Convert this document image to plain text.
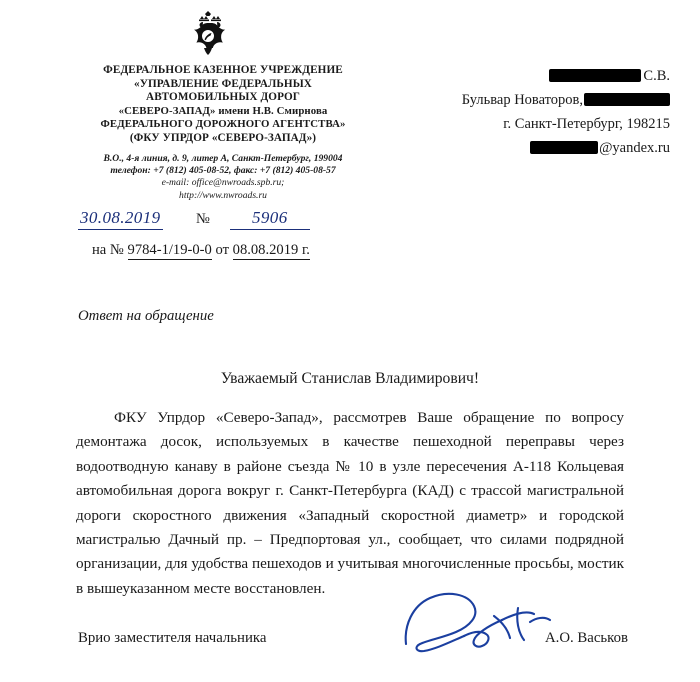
ФЕДЕРАЛЬНОЕ КАЗЕННОЕ УЧРЕЖДЕНИЕ
«УПРАВЛЕНИЕ ФЕДЕРАЛЬНЫХ
АВТОМОБИЛЬНЫХ ДОРОГ
«СЕВЕРО-ЗАПАД» имени Н.В. Смирнова
ФЕДЕРАЛЬНОГО ДОРОЖНОГО АГЕНТСТВА»
(ФКУ УПРДОР «СЕВЕРО-ЗАПАД»)
В.О., 4-я линия, д. 9, литер А, Санкт-Петербург, 199004
телефон: +7 (812) 405-08-52, факс: +7 (812) 405-08-57
e-mail: office@nwroads.spb.ru;
http://www.nwroads.ru
С.В.
Бульвар Новаторов,
г. Санкт-Петербург, 198215
@yandex.ru
30.08.2019 №	5906
на № 9784-1/19-0-0 от 08.08.2019 г.
Ответ на обращение
Уважаемый Станислав Владимирович!
ФКУ Упрдор «Северо-Запад», рассмотрев Ваше обращение по вопросу демонтажа досок, используемых в качестве пешеходной переправы через водоотводную канаву в районе съезда № 10 в узле пересечения А-118 Кольцевая автомобильная дорога вокруг г. Санкт-Петербурга (КАД) с трассой магистральной дороги скоростного движения «Западный скоростной диаметр» и городской магистралью Дачный пр. – Предпортовая ул., сообщает, что силами подрядной организации, для удобства пешеходов и учитывая многочисленные просьбы, мостик в вышеуказанном месте восстановлен.
Врио заместителя начальника	А.О. Васьков
